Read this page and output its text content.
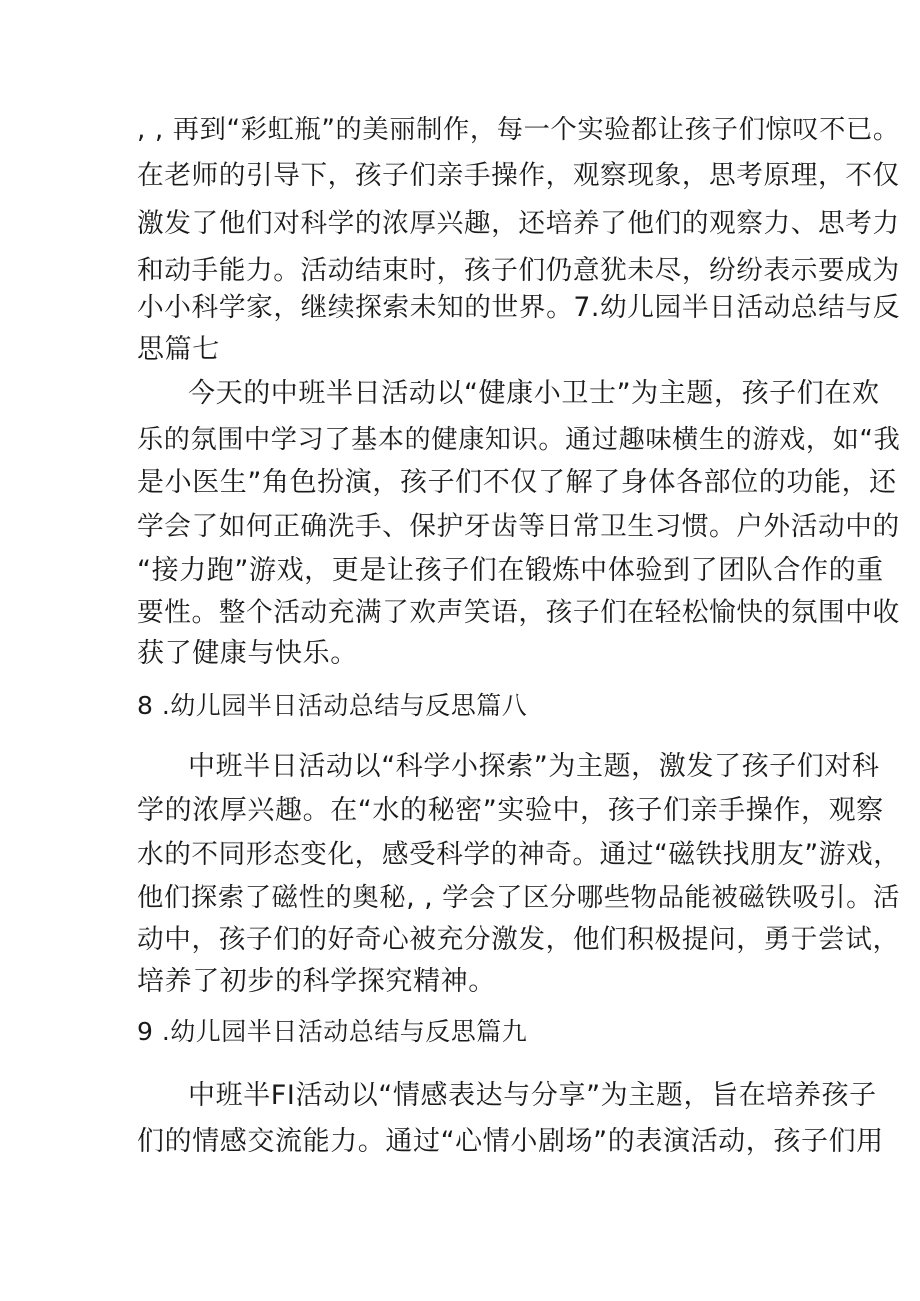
, , 再到“彩虹瓶”的美丽制作，每一个实验都让孩子们惊叹不已。
在老师的引导下，孩子们亲手操作，观察现象，思考原理，不仅
激发了他们对科学的浓厚兴趣，还培养了他们的观察力、思考力
和动手能力。活动结束时，孩子们仍意犹未尽，纷纷表示要成为
小小科学家，继续探索未知的世界。7.幼儿园半日活动总结与反
思篇七
今天的中班半日活动以“健康小卫士”为主题，孩子们在欢
乐的氛围中学习了基本的健康知识。通过趣味横生的游戏，如“我
是小医生”角色扮演，孩子们不仅了解了身体各部位的功能，还
学会了如何正确洗手、保护牙齿等日常卫生习惯。户外活动中的
“接力跑”游戏，更是让孩子们在锻炼中体验到了团队合作的重
要性。整个活动充满了欢声笑语，孩子们在轻松愉快的氛围中收
获了健康与快乐。
8 .幼儿园半日活动总结与反思篇八
中班半日活动以“科学小探索”为主题，激发了孩子们对科
学的浓厚兴趣。在“水的秘密”实验中，孩子们亲手操作，观察
水的不同形态变化，感受科学的神奇。通过“磁铁找朋友”游戏，
他们探索了磁性的奥秘, , 学会了区分哪些物品能被磁铁吸引。活
动中，孩子们的好奇心被充分激发，他们积极提问，勇于尝试，
培养了初步的科学探究精神。
9 .幼儿园半日活动总结与反思篇九
中班半FI活动以“情感表达与分享”为主题，旨在培养孩子
们的情感交流能力。通过“心情小剧场”的表演活动，孩子们用
